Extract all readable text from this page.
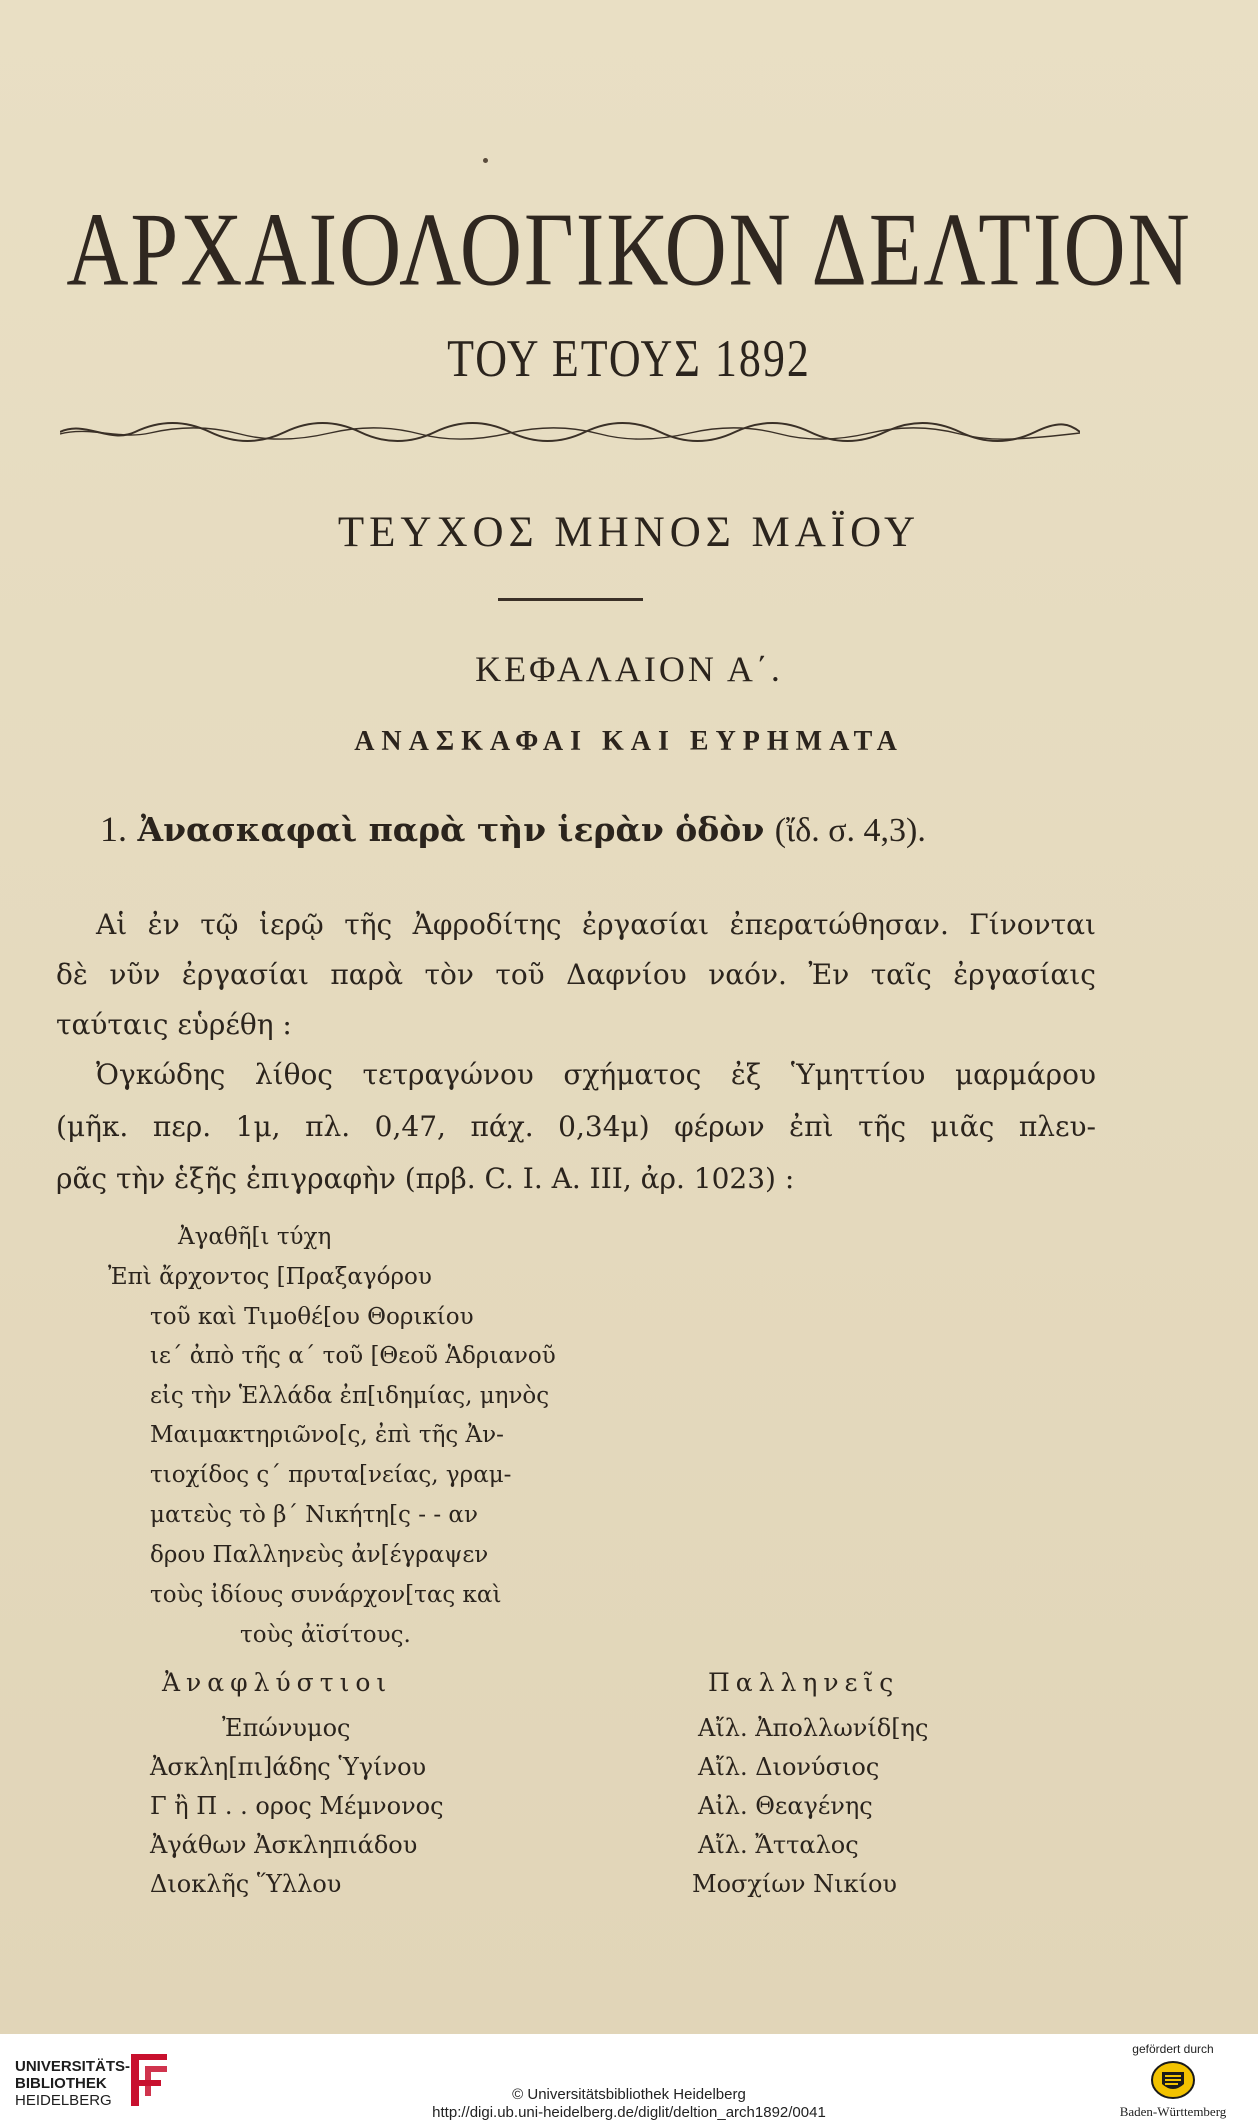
ΑΡΧΑΙΟΛΟΓΙΚΟΝ ΔΕΛΤΙΟΝ
ΤΟΥ ΕΤΟΥΣ 1892
ΤΕΥΧΟΣ ΜΗΝΟΣ ΜΑΪΟΥ
ΚΕΦΑΛΑΙΟΝ Α΄.
ΑΝΑΣΚΑΦΑΙ ΚΑΙ ΕΥΡΗΜΑΤΑ
1. Ἀνασκαφαὶ παρὰ τὴν ἱερὰν ὁδὸν (ἴδ. σ. 4,3).
Αἱ ἐν τῷ ἱερῷ τῆς Ἀφροδίτης ἐργασίαι ἐπερατώθησαν. Γίνονται
δὲ νῦν ἐργασίαι παρὰ τὸν τοῦ Δαφνίου ναόν. Ἐν ταῖς ἐργασίαις
ταύταις εὑρέθη :
Ὀγκώδης λίθος τετραγώνου σχήματος ἐξ Ὑμηττίου μαρμάρου
(μῆκ. περ. 1μ, πλ. 0,47, πάχ. 0,34μ) φέρων ἐπὶ τῆς μιᾶς πλευ-
ρᾶς τὴν ἑξῆς ἐπιγραφὴν (πρβ. C. I. A. III, ἀρ. 1023) :
Ἀγαθῆ[ι τύχη
Ἐπὶ ἄρχοντος [Πραξαγόρου
τοῦ καὶ Τιμοθέ[ου Θορικίου
ιε΄ ἀπὸ τῆς α΄ τοῦ [Θεοῦ Ἁδριανοῦ
εἰς τὴν Ἑλλάδα ἐπ[ιδημίας, μηνὸς
Μαιμακτηριῶνο[ς, ἐπὶ τῆς Ἀν-
τιοχίδος ς΄ πρυτα[νείας, γραμ-
ματεὺς τὸ β΄ Νικήτη[ς - - αν
δρου Παλληνεὺς ἀν[έγραψεν
τοὺς ἰδίους συνάρχον[τας καὶ
τοὺς ἀϊσίτους.
Ἀναφλύστιοι
Ἐπώνυμος
Ἀσκλη[πι]άδης Ὑγίνου
Γ ἢ Π . . ορος Μέμνονος
Ἀγάθων Ἀσκληπιάδου
Διοκλῆς Ὕλλου
Παλληνεῖς
Αἴλ. Ἀπολλωνίδ[ης
Αἴλ. Διονύσιος
Αἰλ. Θεαγένης
Αἴλ. Ἄτταλος
Μοσχίων Νικίου
UNIVERSITÄTS-
BIBLIOTHEK
HEIDELBERG	© Universitätsbibliothek Heidelberg
http://digi.ub.uni-heidelberg.de/diglit/deltion_arch1892/0041
gefördert durch
Baden-Württemberg
